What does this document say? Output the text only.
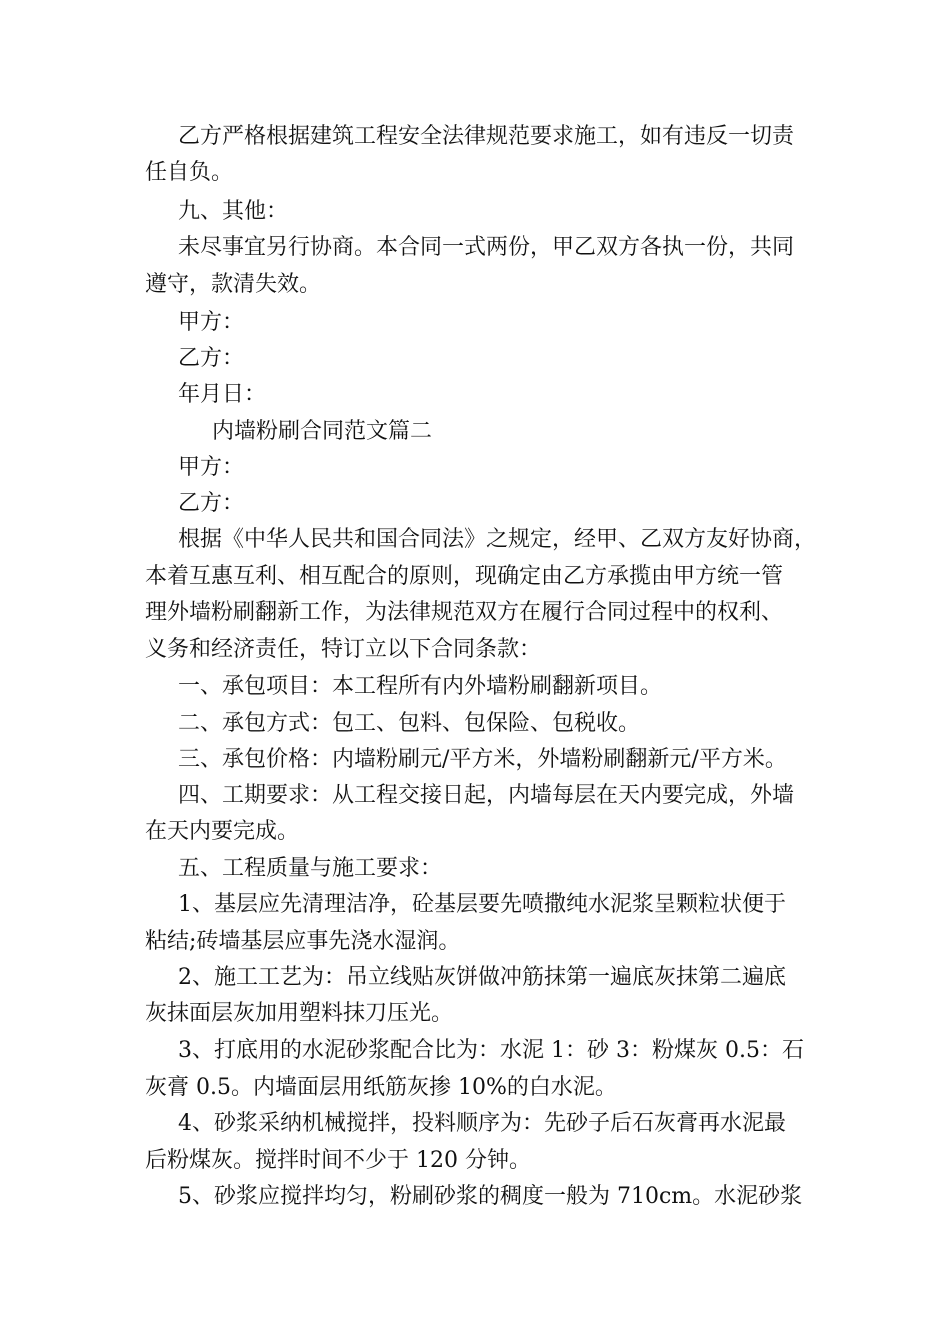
乙方严格根据建筑工程安全法律规范要求施工，如有违反一切责
任自负。
九、其他：
未尽事宜另行协商。本合同一式两份，甲乙双方各执一份，共同
遵守，款清失效。
甲方：
乙方：
年月日：
内墙粉刷合同范文篇二
甲方：
乙方：
根据《中华人民共和国合同法》之规定，经甲、乙双方友好协商，
本着互惠互利、相互配合的原则，现确定由乙方承揽由甲方统一管
理外墙粉刷翻新工作，为法律规范双方在履行合同过程中的权利、
义务和经济责任，特订立以下合同条款：
一、承包项目：本工程所有内外墙粉刷翻新项目。
二、承包方式：包工、包料、包保险、包税收。
三、承包价格：内墙粉刷元/平方米，外墙粉刷翻新元/平方米。
四、工期要求：从工程交接日起，内墙每层在天内要完成，外墙
在天内要完成。
五、工程质量与施工要求：
1、基层应先清理洁净，砼基层要先喷撒纯水泥浆呈颗粒状便于
粘结;砖墙基层应事先浇水湿润。
2、施工工艺为：吊立线贴灰饼做冲筋抹第一遍底灰抹第二遍底
灰抹面层灰加用塑料抹刀压光。
3、打底用的水泥砂浆配合比为：水泥 1：砂 3：粉煤灰 0.5：石
灰膏 0.5。内墙面层用纸筋灰掺 10%的白水泥。
4、砂浆采纳机械搅拌，投料顺序为：先砂子后石灰膏再水泥最
后粉煤灰。搅拌时间不少于 120 分钟。
5、砂浆应搅拌均匀，粉刷砂浆的稠度一般为 710cm。水泥砂浆
